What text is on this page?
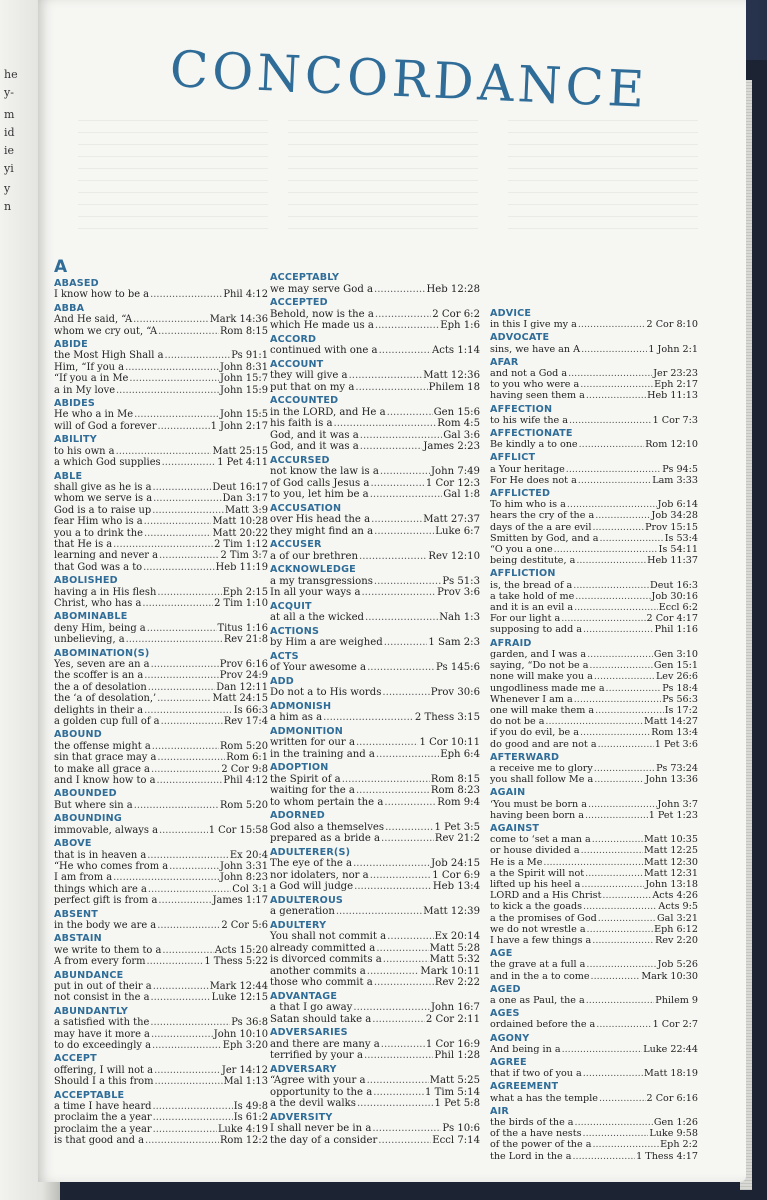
he
y-
m
id
ie
yi
y
n
CONCORDANCE
A
ABASED
I know how to be a .....	Phil 4:12
ABBA
And He said, “A .....	Mark 14:36
whom we cry out, “A .....	Rom 8:15
ABIDE
the Most High Shall a .....	Ps 91:1
Him, “If you a .....	John 8:31
“If you a in Me .....	John 15:7
a in My love .....	John 15:9
ABIDES
He who a in Me .....	John 15:5
will of God a forever .....	1 John 2:17
ABILITY
to his own a .....	Matt 25:15
a which God supplies .....	1 Pet 4:11
ABLE
shall give as he is a .....	Deut 16:17
whom we serve is a .....	Dan 3:17
God is a to raise up .....	Matt 3:9
fear Him who is a .....	Matt 10:28
you a to drink the .....	Matt 20:22
that He is a .....	2 Tim 1:12
learning and never a .....	2 Tim 3:7
that God was a to .....	Heb 11:19
ABOLISHED
having a in His flesh .....	Eph 2:15
Christ, who has a .....	2 Tim 1:10
ABOMINABLE
deny Him, being a .....	Titus 1:16
unbelieving, a .....	Rev 21:8
ABOMINATION(S)
Yes, seven are an a .....	Prov 6:16
the scoffer is an a .....	Prov 24:9
the a of desolation .....	Dan 12:11
the ‘a of desolation,’ .....	Matt 24:15
delights in their a .....	Is 66:3
a golden cup full of a .....	Rev 17:4
ABOUND
the offense might a .....	Rom 5:20
sin that grace may a .....	Rom 6:1
to make all grace a .....	2 Cor 9:8
and I know how to a .....	Phil 4:12
ABOUNDED
But where sin a .....	Rom 5:20
ABOUNDING
immovable, always a .....	1 Cor 15:58
ABOVE
that is in heaven a .....	Ex 20:4
“He who comes from a .....	John 3:31
I am from a .....	John 8:23
things which are a .....	Col 3:1
perfect gift is from a .....	James 1:17
ABSENT
in the body we are a .....	2 Cor 5:6
ABSTAIN
we write to them to a .....	Acts 15:20
A from every form .....	1 Thess 5:22
ABUNDANCE
put in out of their a .....	Mark 12:44
not consist in the a .....	Luke 12:15
ABUNDANTLY
a satisfied with the .....	Ps 36:8
may have it more a .....	John 10:10
to do exceedingly a .....	Eph 3:20
ACCEPT
offering, I will not a .....	Jer 14:12
Should I a this from .....	Mal 1:13
ACCEPTABLE
a time I have heard .....	Is 49:8
proclaim the a year .....	Is 61:2
proclaim the a year .....	Luke 4:19
is that good and a .....	Rom 12:2
ACCEPTABLY
we may serve God a .....	Heb 12:28
ACCEPTED
Behold, now is the a .....	2 Cor 6:2
which He made us a .....	Eph 1:6
ACCORD
continued with one a .....	Acts 1:14
ACCOUNT
they will give a .....	Matt 12:36
put that on my a .....	Philem 18
ACCOUNTED
in the LORD, and He a .....	Gen 15:6
his faith is a .....	Rom 4:5
God, and it was a .....	Gal 3:6
God, and it was a .....	James 2:23
ACCURSED
not know the law is a .....	John 7:49
of God calls Jesus a .....	1 Cor 12:3
to you, let him be a .....	Gal 1:8
ACCUSATION
over His head the a .....	Matt 27:37
they might find an a .....	Luke 6:7
ACCUSER
a of our brethren .....	Rev 12:10
ACKNOWLEDGE
a my transgressions .....	Ps 51:3
In all your ways a .....	Prov 3:6
ACQUIT
at all a the wicked .....	Nah 1:3
ACTIONS
by Him a are weighed .....	1 Sam 2:3
ACTS
of Your awesome a .....	Ps 145:6
ADD
Do not a to His words .....	Prov 30:6
ADMONISH
a him as a .....	2 Thess 3:15
ADMONITION
written for our a .....	1 Cor 10:11
in the training and a .....	Eph 6:4
ADOPTION
the Spirit of a .....	Rom 8:15
waiting for the a .....	Rom 8:23
to whom pertain the a .....	Rom 9:4
ADORNED
God also a themselves .....	1 Pet 3:5
prepared as a bride a .....	Rev 21:2
ADULTERER(S)
The eye of the a .....	Job 24:15
nor idolaters, nor a .....	1 Cor 6:9
a God will judge .....	Heb 13:4
ADULTEROUS
a generation .....	Matt 12:39
ADULTERY
You shall not commit a .....	Ex 20:14
already committed a .....	Matt 5:28
is divorced commits a .....	Matt 5:32
another commits a .....	Mark 10:11
those who commit a .....	Rev 2:22
ADVANTAGE
a that I go away .....	John 16:7
Satan should take a .....	2 Cor 2:11
ADVERSARIES
and there are many a .....	1 Cor 16:9
terrified by your a .....	Phil 1:28
ADVERSARY
“Agree with your a .....	Matt 5:25
opportunity to the a .....	1 Tim 5:14
a the devil walks .....	1 Pet 5:8
ADVERSITY
I shall never be in a .....	Ps 10:6
the day of a consider .....	Eccl 7:14
ADVICE
in this I give my a .....	2 Cor 8:10
ADVOCATE
sins, we have an A .....	1 John 2:1
AFAR
and not a God a .....	Jer 23:23
to you who were a .....	Eph 2:17
having seen them a .....	Heb 11:13
AFFECTION
to his wife the a .....	1 Cor 7:3
AFFECTIONATE
Be kindly a to one .....	Rom 12:10
AFFLICT
a Your heritage .....	Ps 94:5
For He does not a .....	Lam 3:33
AFFLICTED
To him who is a .....	Job 6:14
hears the cry of the a .....	Job 34:28
days of the a are evil .....	Prov 15:15
Smitten by God, and a .....	Is 53:4
“O you a one .....	Is 54:11
being destitute, a .....	Heb 11:37
AFFLICTION
is, the bread of a .....	Deut 16:3
a take hold of me .....	Job 30:16
and it is an evil a .....	Eccl 6:2
For our light a .....	2 Cor 4:17
supposing to add a .....	Phil 1:16
AFRAID
garden, and I was a .....	Gen 3:10
saying, “Do not be a .....	Gen 15:1
none will make you a .....	Lev 26:6
ungodliness made me a .....	Ps 18:4
Whenever I am a .....	Ps 56:3
one will make them a .....	Is 17:2
do not be a .....	Matt 14:27
if you do evil, be a .....	Rom 13:4
do good and are not a .....	1 Pet 3:6
AFTERWARD
a receive me to glory .....	Ps 73:24
you shall follow Me a .....	John 13:36
AGAIN
‘You must be born a .....	John 3:7
having been born a .....	1 Pet 1:23
AGAINST
come to ‘set a man a .....	Matt 10:35
or house divided a .....	Matt 12:25
He is a Me .....	Matt 12:30
a the Spirit will not .....	Matt 12:31
lifted up his heel a .....	John 13:18
LORD and a His Christ .....	Acts 4:26
to kick a the goads .....	Acts 9:5
a the promises of God .....	Gal 3:21
we do not wrestle a .....	Eph 6:12
I have a few things a .....	Rev 2:20
AGE
the grave at a full a .....	Job 5:26
and in the a to come .....	Mark 10:30
AGED
a one as Paul, the a .....	Philem 9
AGES
ordained before the a .....	1 Cor 2:7
AGONY
And being in a .....	Luke 22:44
AGREE
that if two of you a .....	Matt 18:19
AGREEMENT
what a has the temple .....	2 Cor 6:16
AIR
the birds of the a .....	Gen 1:26
of the a have nests .....	Luke 9:58
of the power of the a .....	Eph 2:2
the Lord in the a .....	1 Thess 4:17
